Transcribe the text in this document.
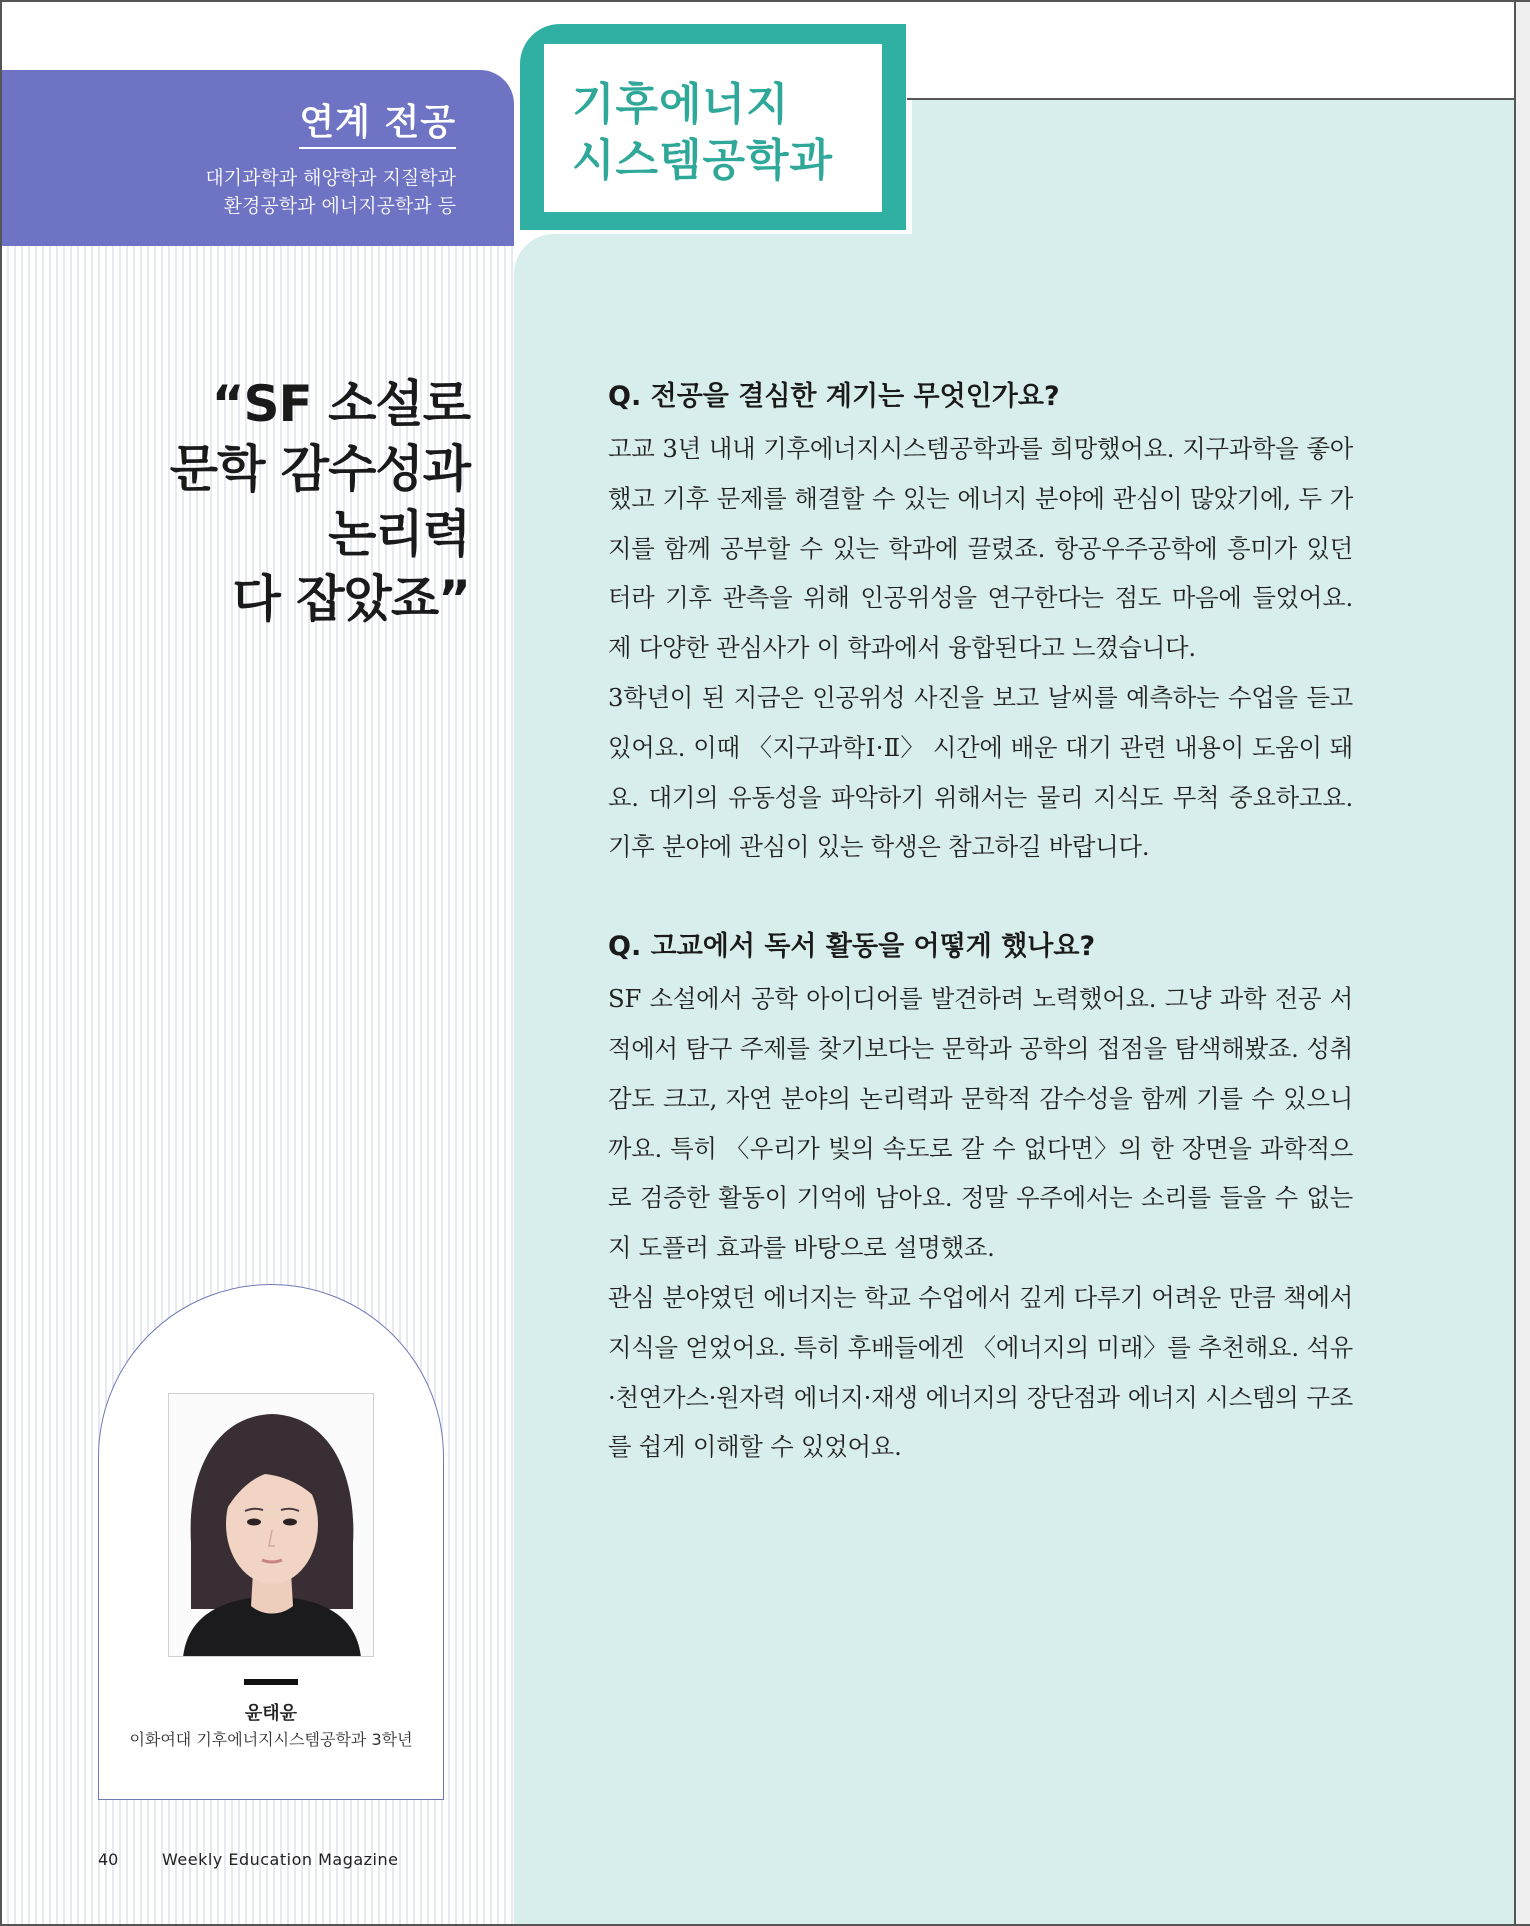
연계 전공
대기과학과 해양학과 지질학과
환경공학과 에너지공학과 등
기후에너지
시스템공학과
“SF 소설로
문학 감수성과
논리력
다 잡았죠”

윤태윤

이화여대 기후에너지시스템공학과 3학년

40	Weekly Education Magazine
Q. 전공을 결심한 계기는 무엇인가요?

고교 3년 내내 기후에너지시스템공학과를 희망했어요. 지구과학을 좋아했고 기후 문제를 해결할 수 있는 에너지 분야에 관심이 많았기에, 두 가지를 함께 공부할 수 있는 학과에 끌렸죠. 항공우주공학에 흥미가 있던 터라 기후 관측을 위해 인공위성을 연구한다는 점도 마음에 들었어요. 제 다양한 관심사가 이 학과에서 융합된다고 느꼈습니다.

3학년이 된 지금은 인공위성 사진을 보고 날씨를 예측하는 수업을 듣고 있어요. 이때 〈지구과학Ⅰ·Ⅱ〉 시간에 배운 대기 관련 내용이 도움이 돼요. 대기의 유동성을 파악하기 위해서는 물리 지식도 무척 중요하고요. 기후 분야에 관심이 있는 학생은 참고하길 바랍니다.

Q. 고교에서 독서 활동을 어떻게 했나요?

SF 소설에서 공학 아이디어를 발견하려 노력했어요. 그냥 과학 전공 서적에서 탐구 주제를 찾기보다는 문학과 공학의 접점을 탐색해봤죠. 성취감도 크고, 자연 분야의 논리력과 문학적 감수성을 함께 기를 수 있으니까요. 특히 〈우리가 빛의 속도로 갈 수 없다면〉의 한 장면을 과학적으로 검증한 활동이 기억에 남아요. 정말 우주에서는 소리를 들을 수 없는지 도플러 효과를 바탕으로 설명했죠.

관심 분야였던 에너지는 학교 수업에서 깊게 다루기 어려운 만큼 책에서 지식을 얻었어요. 특히 후배들에겐 〈에너지의 미래〉를 추천해요. 석유·천연가스·원자력 에너지·재생 에너지의 장단점과 에너지 시스템의 구조를 쉽게 이해할 수 있었어요.
